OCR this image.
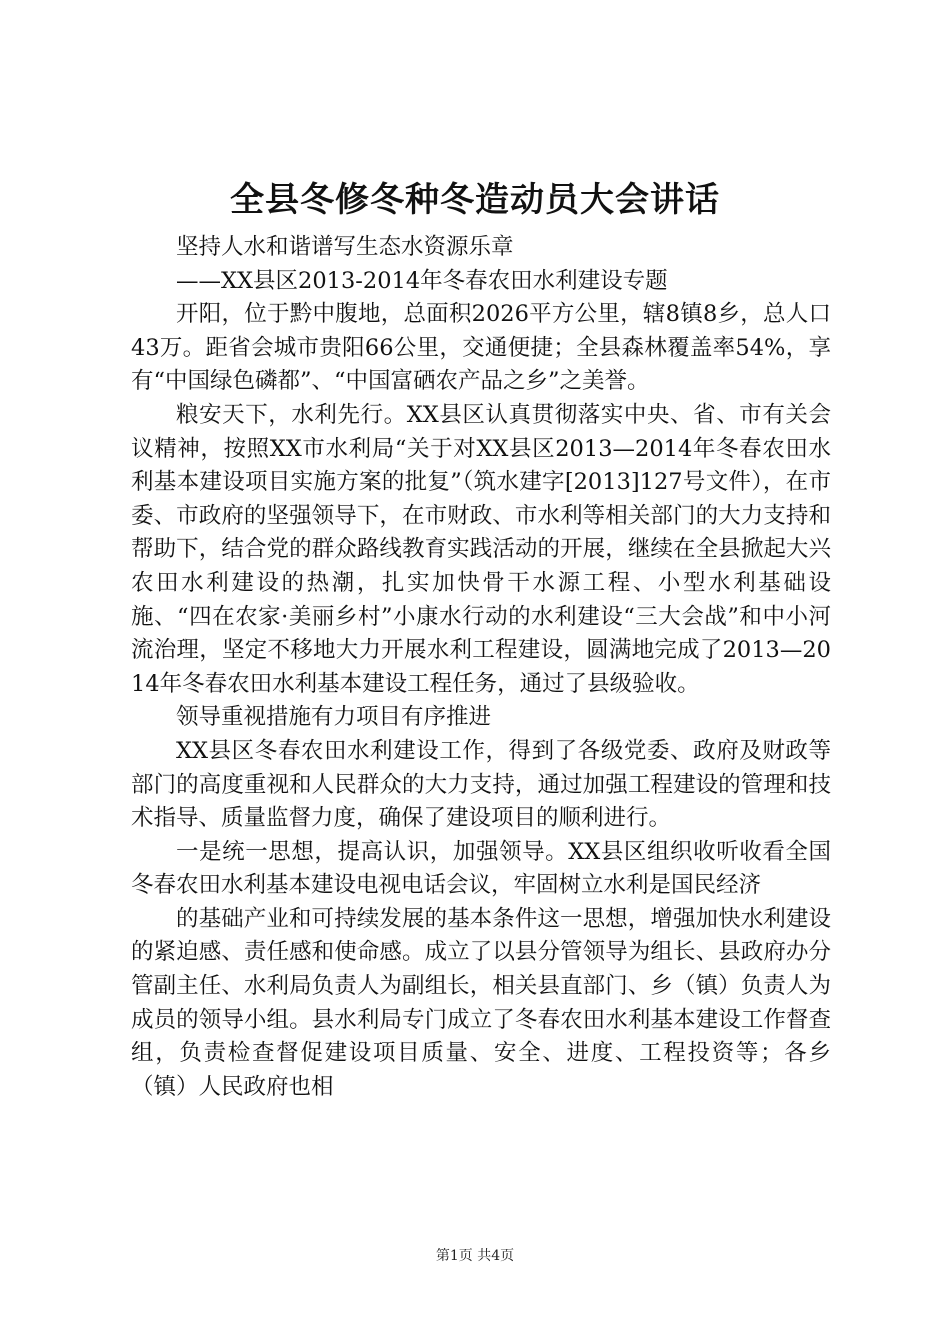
全县冬修冬种冬造动员大会讲话

坚持人水和谐谱写生态水资源乐章

——XX县区2013-2014年冬春农田水利建设专题

开阳，位于黔中腹地，总面积2026平方公里，辖8镇8乡，总人口43万。距省会城市贵阳66公里，交通便捷；全县森林覆盖率54%，享有“中国绿色磷都”、“中国富硒农产品之乡”之美誉。

粮安天下，水利先行。XX县区认真贯彻落实中央、省、市有关会议精神，按照XX市水利局“关于对XX县区2013—2014年冬春农田水利基本建设项目实施方案的批复”（筑水建字[2013]127号文件），在市委、市政府的坚强领导下，在市财政、市水利等相关部门的大力支持和帮助下，结合党的群众路线教育实践活动的开展，继续在全县掀起大兴农田水利建设的热潮，扎实加快骨干水源工程、小型水利基础设施、“四在农家·美丽乡村”小康水行动的水利建设“三大会战”和中小河流治理，坚定不移地大力开展水利工程建设，圆满地完成了2013—2014年冬春农田水利基本建设工程任务，通过了县级验收。

领导重视措施有力项目有序推进

XX县区冬春农田水利建设工作，得到了各级党委、政府及财政等部门的高度重视和人民群众的大力支持，通过加强工程建设的管理和技术指导、质量监督力度，确保了建设项目的顺利进行。

一是统一思想，提高认识，加强领导。XX县区组织收听收看全国冬春农田水利基本建设电视电话会议，牢固树立水利是国民经济

的基础产业和可持续发展的基本条件这一思想，增强加快水利建设的紧迫感、责任感和使命感。成立了以县分管领导为组长、县政府办分管副主任、水利局负责人为副组长，相关县直部门、乡（镇）负责人为成员的领导小组。县水利局专门成立了冬春农田水利基本建设工作督查组，负责检查督促建设项目质量、安全、进度、工程投资等；各乡（镇）人民政府也相

第1页 共4页
